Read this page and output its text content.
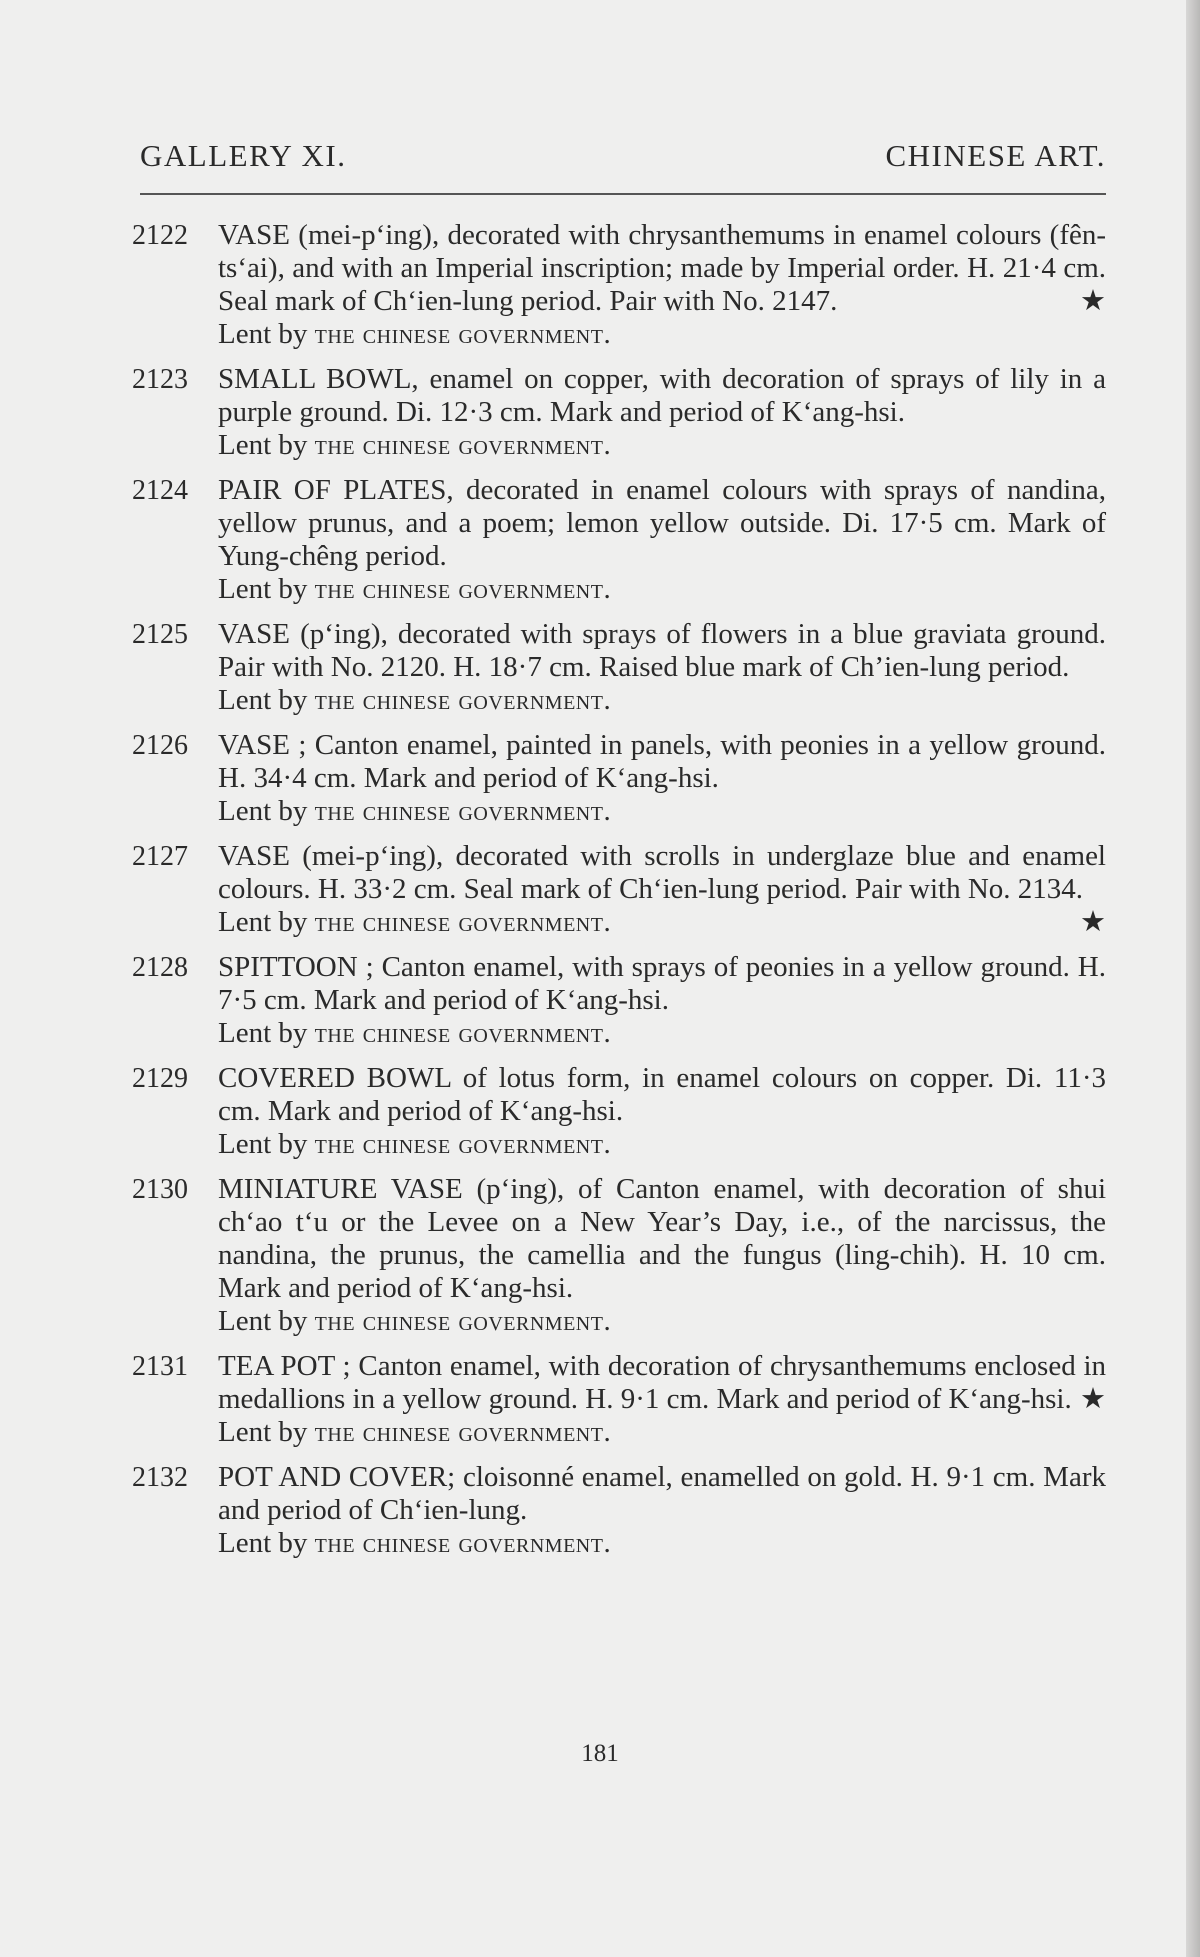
GALLERY XI.	CHINESE ART.
2122	VASE (mei-p‘ing), decorated with chrysanthemums in enamel colours (fên-ts‘ai), and with an Imperial inscription; made by Imperial order. H. 21·4 cm. Seal mark of Ch‘ien-lung period. Pair with No. 2147.	★
Lent by the chinese government.
2123	SMALL BOWL, enamel on copper, with decoration of sprays of lily in a purple ground. Di. 12·3 cm. Mark and period of K‘ang-hsi.
Lent by the chinese government.
2124	PAIR OF PLATES, decorated in enamel colours with sprays of nandina, yellow prunus, and a poem; lemon yellow outside. Di. 17·5 cm. Mark of Yung-chêng period.
Lent by the chinese government.
2125	VASE (p‘ing), decorated with sprays of flowers in a blue graviata ground. Pair with No. 2120. H. 18·7 cm. Raised blue mark of Ch’ien-lung period.
Lent by the chinese government.
2126	VASE ; Canton enamel, painted in panels, with peonies in a yellow ground. H. 34·4 cm. Mark and period of K‘ang-hsi.
Lent by the chinese government.
2127	VASE (mei-p‘ing), decorated with scrolls in underglaze blue and enamel colours. H. 33·2 cm. Seal mark of Ch‘ien-lung period. Pair with No. 2134.
★
Lent by the chinese government.
2128	SPITTOON ; Canton enamel, with sprays of peonies in a yellow ground. H. 7·5 cm. Mark and period of K‘ang-hsi.
Lent by the chinese government.
2129	COVERED BOWL of lotus form, in enamel colours on copper. Di. 11·3 cm. Mark and period of K‘ang-hsi.
Lent by the chinese government.
2130	MINIATURE VASE (p‘ing), of Canton enamel, with decoration of shui ch‘ao t‘u or the Levee on a New Year’s Day, i.e., of the narcissus, the nandina, the prunus, the camellia and the fungus (ling-chih). H. 10 cm. Mark and period of K‘ang-hsi.
Lent by the chinese government.
2131	TEA POT ; Canton enamel, with decoration of chrysanthemums enclosed in medallions in a yellow ground. H. 9·1 cm. Mark and period of K‘ang-hsi. ★
Lent by the chinese government.
2132	POT AND COVER; cloisonné enamel, enamelled on gold. H. 9·1 cm. Mark and period of Ch‘ien-lung.
Lent by the chinese government.
181
